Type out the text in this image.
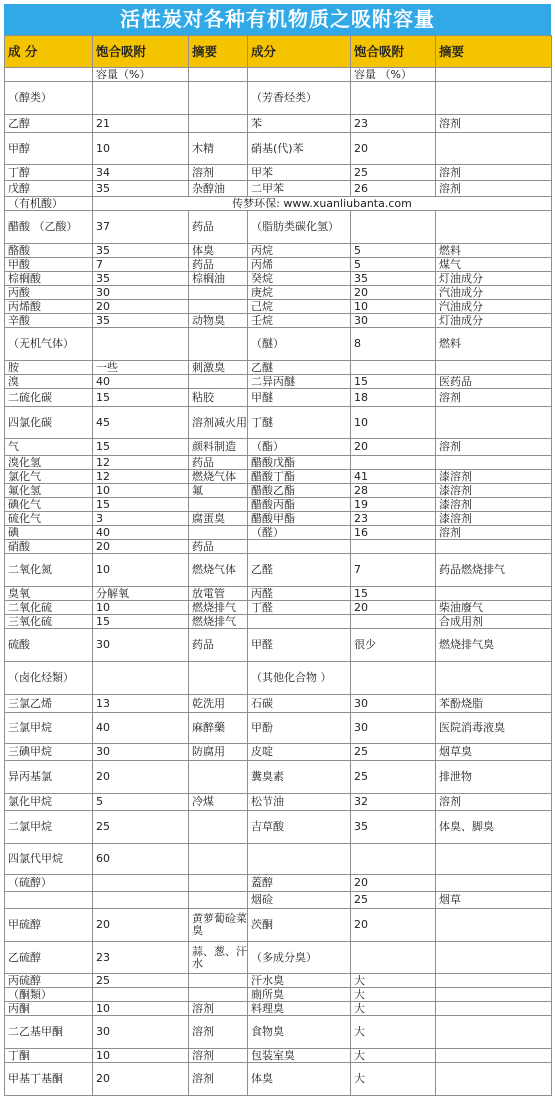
活性炭对各种有机物质之吸附容量
成 分	饱合吸附	摘要	成分	饱合吸附	摘要
	容量（%）			容量 （%）	
（醇类）			（芳香烃类）		
乙醇	21		苯	23	溶剂
甲醇	10	木精	硝基(代)苯	20	
丁醇	34	溶剂	甲苯	25	溶剂
戊醇	35	杂醇油	二甲苯	26	溶剂
（有机酸）	传梦环保: www.xuanliubanta.com				
醋酸 （乙酸）	37	药品	（脂肪类碳化氢）		
酪酸	35	体臭	丙烷	5	燃料
甲酸	7	药品	丙烯	5	煤气
棕榈酸	35	棕榈油	癸烷	35	灯油成分
丙酸	30		庚烷	20	汽油成分
丙烯酸	20		己烷	10	汽油成分
辛酸	35	动物臭	壬烷	30	灯油成分
（无机气体）			（醚）	8	燃料
胺	一些	刺激臭	乙醚		
溴	40		二异丙醚	15	医药品
二硫化碳	15	粘胶	甲醚	18	溶剂
四氯化碳	45	溶剂减火用	丁醚	10	
气	15	颜料制造	（酯）	20	溶剂
溴化氢	12	药品	醋酸戊酯		
氯化气	12	燃烧气体	醋酸丁酯	41	漆溶剂
氟化氢	10	氟	醋酸乙酯	28	漆溶剂
碘化气	15		醋酸丙酯	19	漆溶剂
硫化气	3	腐蛋臭	醋酸甲酯	23	漆溶剂
碘	40		（醛）	16	溶剂
硝酸	20	药品			
二氧化氮	10	燃烧气体	乙醛	7	药品燃烧排气
臭氧	分解氧	放電管	丙醛	15	
二氧化硫	10	燃烧排气	丁醛	20	柴油廢气
三氧化硫	15	燃烧排气			合成用剂
硫酸	30	药品	甲醛	很少	燃烧排气臭
（卤化烃類）			（其他化合物 ）		
三氯乙烯	13	乾洗用	石碳	30	苯酚烧脂
三氯甲烷	40	麻醉藥	甲酚	30	医院消毒液臭
三碘甲烷	30	防腐用	皮啶	25	烟草臭
异丙基氯	20		糞臭素	25	排泄物
氯化甲烷	5	冷煤	松节油	32	溶剂
二氯甲烷	25		吉草酸	35	体臭、脚臭
四氯代甲烷	60				
（硫醇）			蓋醇	20	
			烟硷	25	烟草
甲硫醇	20	黄萝蔔硷菜臭	茨酮	20	
乙硫醇	23	蒜、葱、汗水	（多成分臭）		
丙硫醇	25		汗水臭	大	
（酮類）			廁所臭	大	
丙酮	10	溶剂	料理臭	大	
二乙基甲酮	30	溶剂	食物臭	大	
丁酮	10	溶剂	包装室臭	大	
甲基丁基酮	20	溶剂	体臭	大	
